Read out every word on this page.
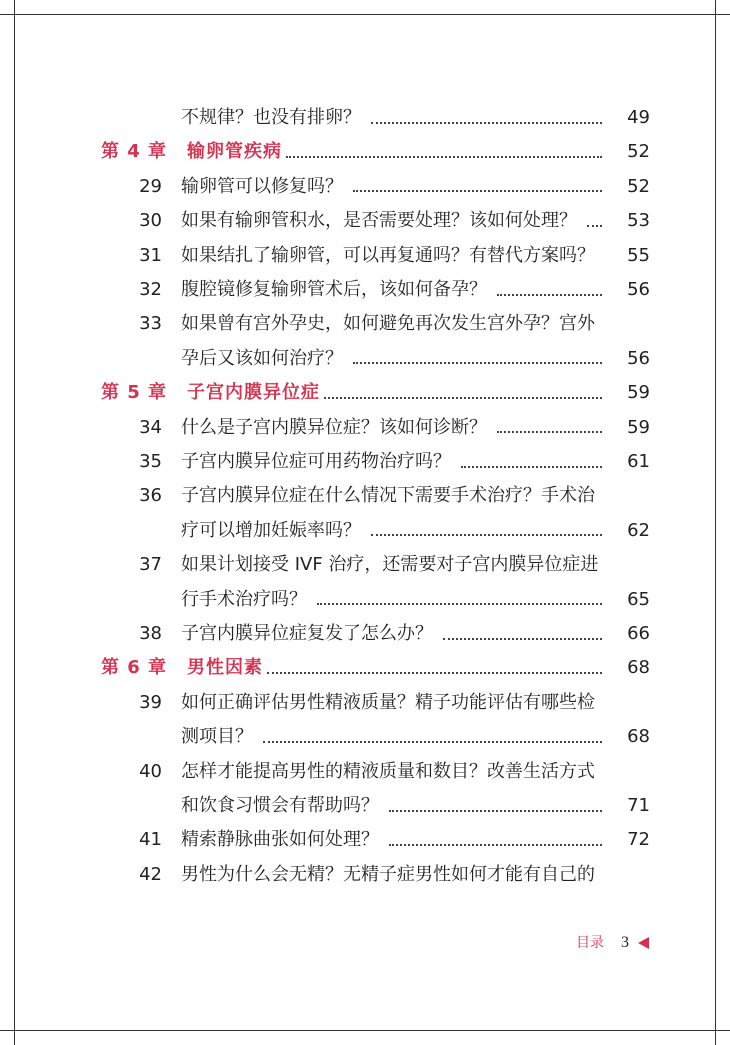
不规律？也没有排卵？	49
第 4 章	输卵管疾病	52
29 输卵管可以修复吗？	52
30 如果有输卵管积水，是否需要处理？该如何处理？	53
31 如果结扎了输卵管，可以再复通吗？有替代方案吗？	55
32 腹腔镜修复输卵管术后，该如何备孕？	56
33 如果曾有宫外孕史，如何避免再次发生宫外孕？宫外
孕后又该如何治疗？	56
第 5 章	子宫内膜异位症	59
34 什么是子宫内膜异位症？该如何诊断？	59
35 子宫内膜异位症可用药物治疗吗？	61
36 子宫内膜异位症在什么情况下需要手术治疗？手术治
疗可以增加妊娠率吗？	62
37 如果计划接受 IVF 治疗，还需要对子宫内膜异位症进
行手术治疗吗？	65
38 子宫内膜异位症复发了怎么办？	66
第 6 章	男性因素	68
39 如何正确评估男性精液质量？精子功能评估有哪些检
测项目？	68
40 怎样才能提高男性的精液质量和数目？改善生活方式
和饮食习惯会有帮助吗？	71
41 精索静脉曲张如何处理？	72
42 男性为什么会无精？无精子症男性如何才能有自己的
目录 3
